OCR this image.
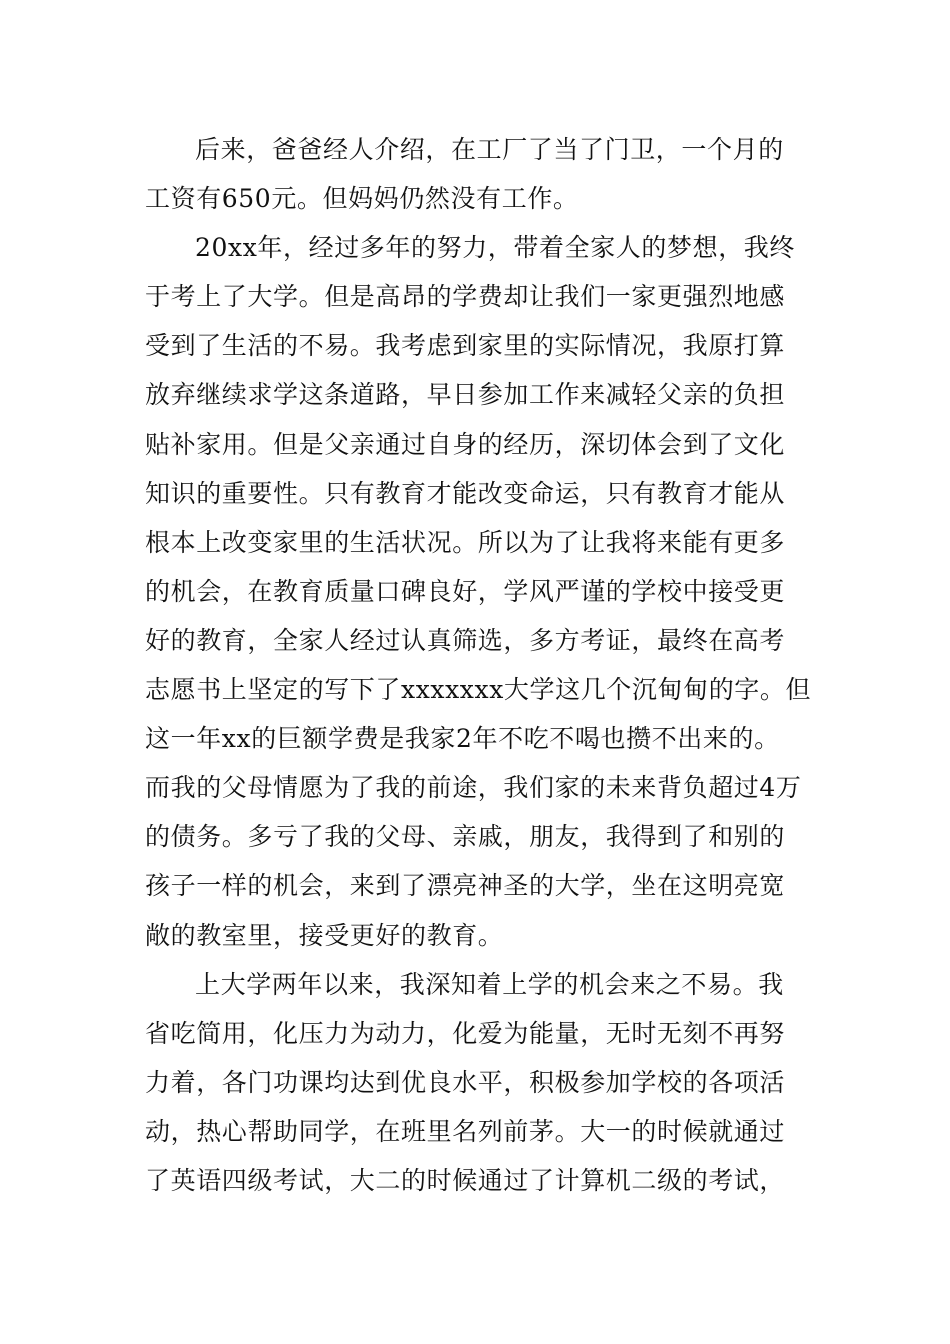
后来，爸爸经人介绍，在工厂了当了门卫，一个月的
工资有650元。但妈妈仍然没有工作。
20xx年，经过多年的努力，带着全家人的梦想，我终
于考上了大学。但是高昂的学费却让我们一家更强烈地感
受到了生活的不易。我考虑到家里的实际情况，我原打算
放弃继续求学这条道路，早日参加工作来减轻父亲的负担
贴补家用。但是父亲通过自身的经历，深切体会到了文化
知识的重要性。只有教育才能改变命运，只有教育才能从
根本上改变家里的生活状况。所以为了让我将来能有更多
的机会，在教育质量口碑良好，学风严谨的学校中接受更
好的教育，全家人经过认真筛选，多方考证，最终在高考
志愿书上坚定的写下了xxxxxxx大学这几个沉甸甸的字。但
这一年xx的巨额学费是我家2年不吃不喝也攒不出来的。
而我的父母情愿为了我的前途，我们家的未来背负超过4万
的债务。多亏了我的父母、亲戚，朋友，我得到了和别的
孩子一样的机会，来到了漂亮神圣的大学，坐在这明亮宽
敞的教室里，接受更好的教育。
上大学两年以来，我深知着上学的机会来之不易。我
省吃简用，化压力为动力，化爱为能量，无时无刻不再努
力着，各门功课均达到优良水平，积极参加学校的各项活
动，热心帮助同学，在班里名列前茅。大一的时候就通过
了英语四级考试，大二的时候通过了计算机二级的考试，
